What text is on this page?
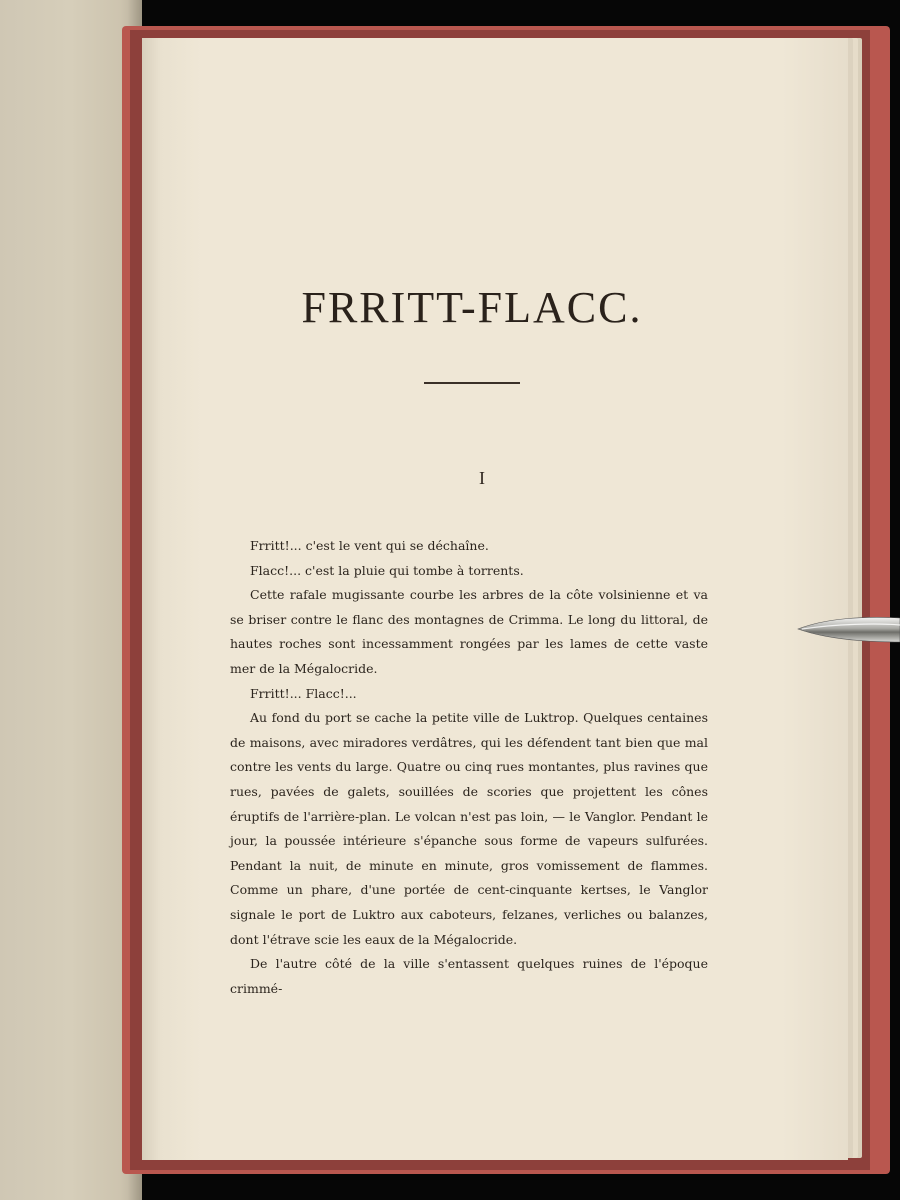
FRRITT-FLACC.
I

Frritt!... c'est le vent qui se déchaîne.

Flacc!... c'est la pluie qui tombe à torrents.

Cette rafale mugissante courbe les arbres de la côte volsinienne et va se briser contre le flanc des montagnes de Crimma. Le long du littoral, de hautes roches sont incessamment rongées par les lames de cette vaste mer de la Mégalocride.

Frritt!... Flacc!...

Au fond du port se cache la petite ville de Luktrop. Quelques centaines de maisons, avec miradores verdâtres, qui les défendent tant bien que mal contre les vents du large. Quatre ou cinq rues montantes, plus ravines que rues, pavées de galets, souillées de scories que projettent les cônes éruptifs de l'arrière-plan. Le volcan n'est pas loin, — le Vanglor. Pendant le jour, la poussée intérieure s'épanche sous forme de vapeurs sulfurées. Pendant la nuit, de minute en minute, gros vomissement de flammes. Comme un phare, d'une portée de cent-cinquante kertses, le Vanglor signale le port de Luktro aux caboteurs, felzanes, verliches ou balanzes, dont l'étrave scie les eaux de la Mégalocride.

De l'autre côté de la ville s'entassent quelques ruines de l'époque crimmé-
